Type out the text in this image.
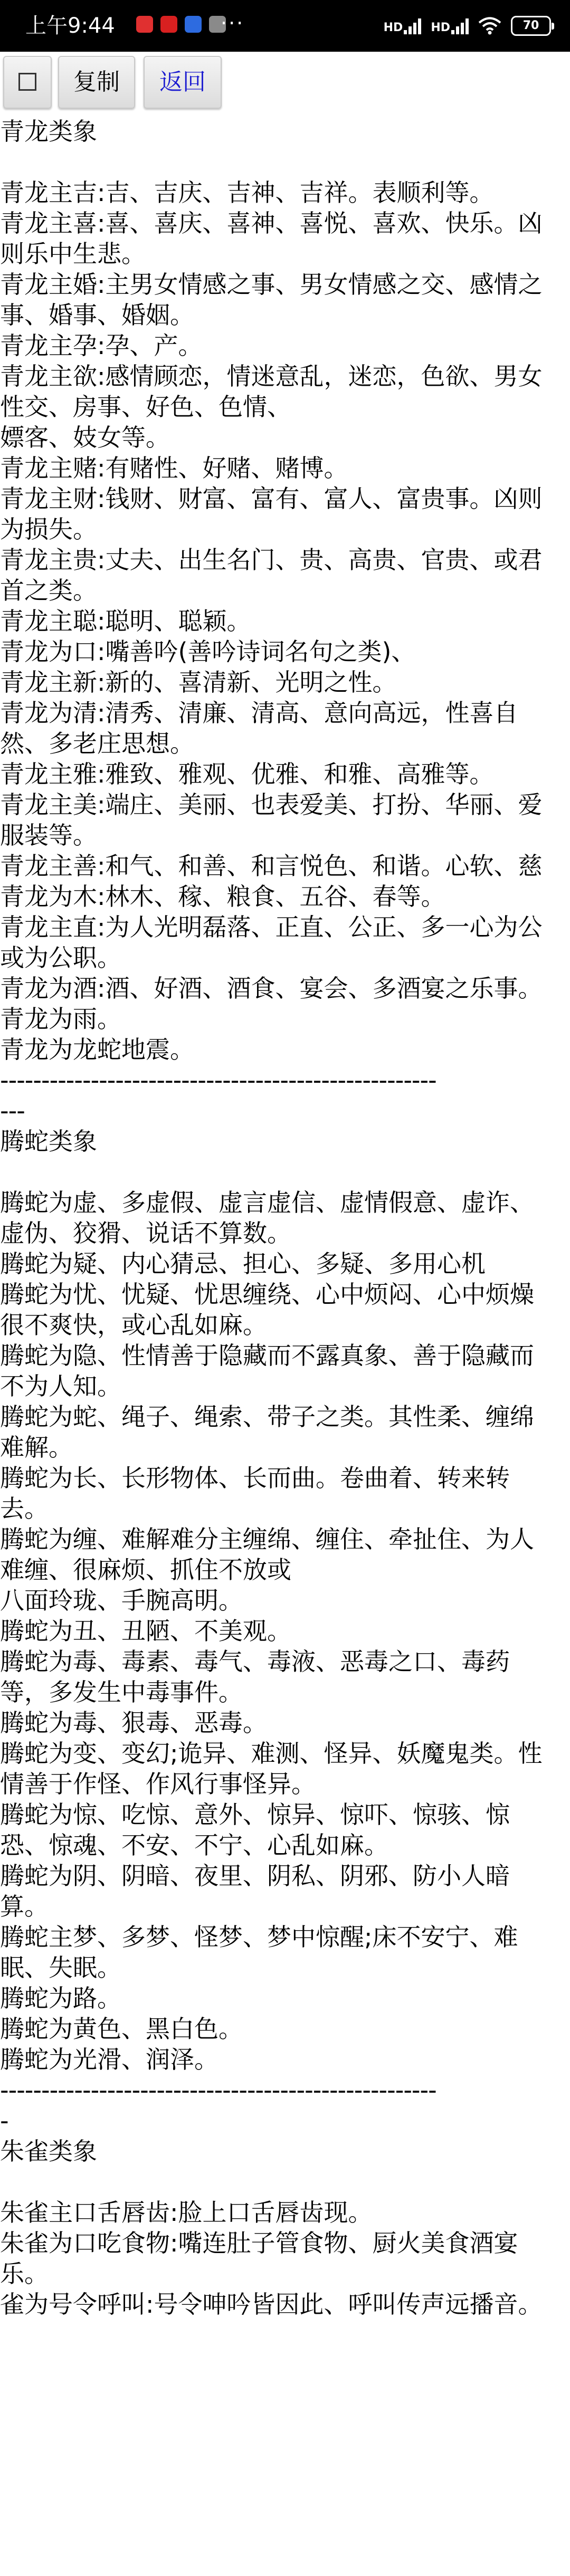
上午9:44	···	HD HD	70
复制	返回
青龙类象
青龙主吉:吉、吉庆、吉神、吉祥。表顺利等。
青龙主喜:喜、喜庆、喜神、喜悦、喜欢、快乐。凶
则乐中生悲。
青龙主婚:主男女情感之事、男女情感之交、感情之
事、婚事、婚姻。
青龙主孕:孕、产。
青龙主欲:感情顾恋，情迷意乱，迷恋，色欲、男女
性交、房事、好色、色情、
嫖客、妓女等。
青龙主赌:有赌性、好赌、赌博。
青龙主财:钱财、财富、富有、富人、富贵事。凶则
为损失。
青龙主贵:丈夫、出生名门、贵、高贵、官贵、或君
首之类。
青龙主聪:聪明、聪颖。
青龙为口:嘴善吟(善吟诗词名句之类)、
青龙主新:新的、喜清新、光明之性。
青龙为清:清秀、清廉、清高、意向高远，性喜自
然、多老庄思想。
青龙主雅:雅致、雅观、优雅、和雅、高雅等。
青龙主美:端庄、美丽、也表爱美、打扮、华丽、爱
服装等。
青龙主善:和气、和善、和言悦色、和谐。心软、慈
青龙为木:林木、稼、粮食、五谷、春等。
青龙主直:为人光明磊落、正直、公正、多一心为公
或为公职。
青龙为酒:酒、好酒、酒食、宴会、多酒宴之乐事。
青龙为雨。
青龙为龙蛇地震。
-----------------------------------------------------
---
腾蛇类象
腾蛇为虚、多虚假、虚言虚信、虚情假意、虚诈、
虚伪、狡猾、说话不算数。
腾蛇为疑、内心猜忌、担心、多疑、多用心机
腾蛇为忧、忧疑、忧思缠绕、心中烦闷、心中烦燥
很不爽快，或心乱如麻。
腾蛇为隐、性情善于隐藏而不露真象、善于隐藏而
不为人知。
腾蛇为蛇、绳子、绳索、带子之类。其性柔、缠绵
难解。
腾蛇为长、长形物体、长而曲。卷曲着、转来转
去。
腾蛇为缠、难解难分主缠绵、缠住、牵扯住、为人
难缠、很麻烦、抓住不放或
八面玲珑、手腕高明。
腾蛇为丑、丑陋、不美观。
腾蛇为毒、毒素、毒气、毒液、恶毒之口、毒药
等，多发生中毒事件。
腾蛇为毒、狠毒、恶毒。
腾蛇为变、变幻;诡异、难测、怪异、妖魔鬼类。性
情善于作怪、作风行事怪异。
腾蛇为惊、吃惊、意外、惊异、惊吓、惊骇、惊
恐、惊魂、不安、不宁、心乱如麻。
腾蛇为阴、阴暗、夜里、阴私、阴邪、防小人暗
算。
腾蛇主梦、多梦、怪梦、梦中惊醒;床不安宁、难
眠、失眠。
腾蛇为路。
腾蛇为黄色、黑白色。
腾蛇为光滑、润泽。
-----------------------------------------------------
-
朱雀类象
朱雀主口舌唇齿:脸上口舌唇齿现。
朱雀为口吃食物:嘴连肚子管食物、厨火美食酒宴
乐。
雀为号令呼叫:号令呻吟皆因此、呼叫传声远播音。
